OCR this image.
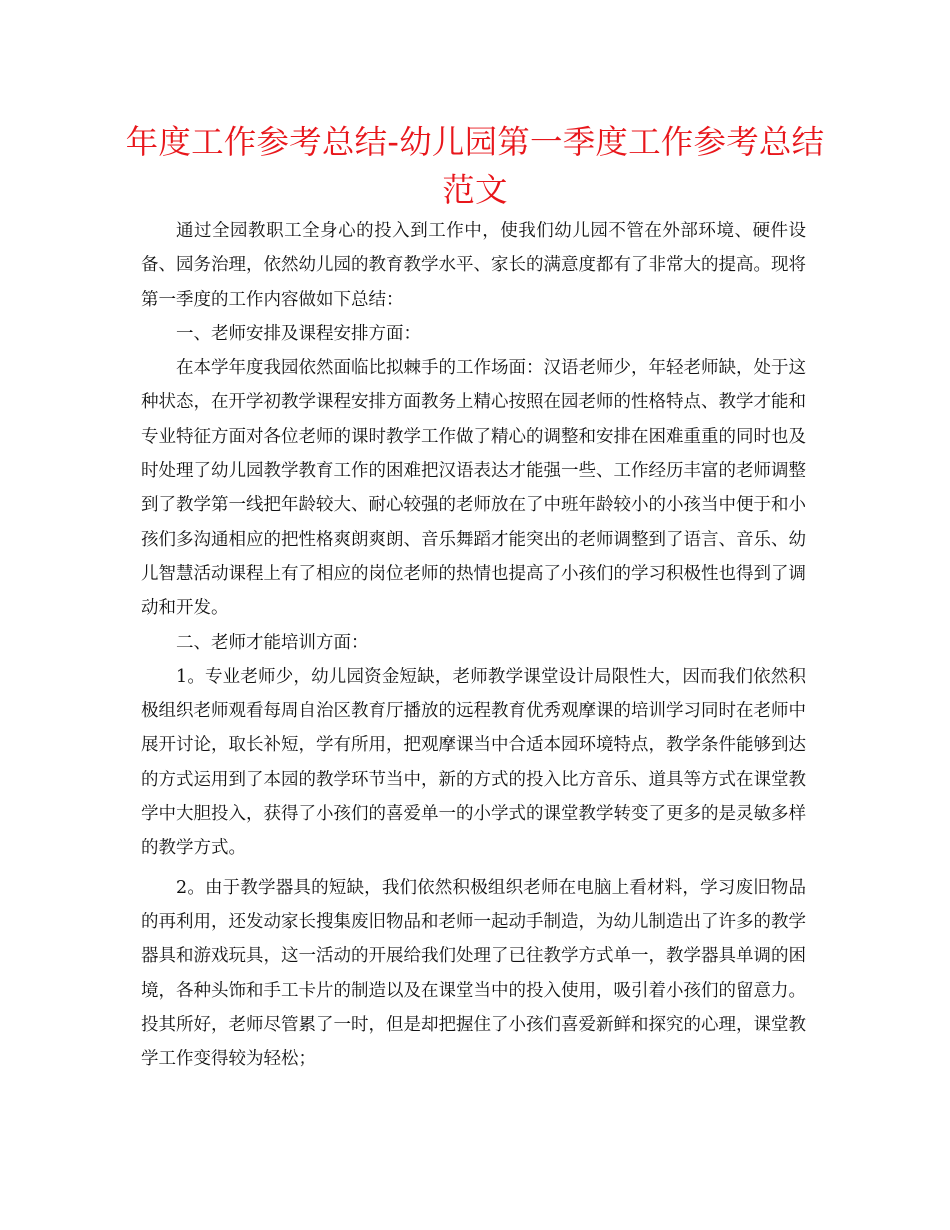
年度工作参考总结-幼儿园第一季度工作参考总结
范文

通过全园教职工全身心的投入到工作中，使我们幼儿园不管在外部环境、硬件设备、园务治理，依然幼儿园的教育教学水平、家长的满意度都有了非常大的提高。现将第一季度的工作内容做如下总结：

一、老师安排及课程安排方面：

在本学年度我园依然面临比拟棘手的工作场面：汉语老师少，年轻老师缺，处于这种状态，在开学初教学课程安排方面教务上精心按照在园老师的性格特点、教学才能和专业特征方面对各位老师的课时教学工作做了精心的调整和安排在困难重重的同时也及时处理了幼儿园教学教育工作的困难把汉语表达才能强一些、工作经历丰富的老师调整到了教学第一线把年龄较大、耐心较强的老师放在了中班年龄较小的小孩当中便于和小孩们多沟通相应的把性格爽朗爽朗、音乐舞蹈才能突出的老师调整到了语言、音乐、幼儿智慧活动课程上有了相应的岗位老师的热情也提高了小孩们的学习积极性也得到了调动和开发。

二、老师才能培训方面：

1。专业老师少，幼儿园资金短缺，老师教学课堂设计局限性大，因而我们依然积极组织老师观看每周自治区教育厅播放的远程教育优秀观摩课的培训学习同时在老师中展开讨论，取长补短，学有所用，把观摩课当中合适本园环境特点，教学条件能够到达的方式运用到了本园的教学环节当中，新的方式的投入比方音乐、道具等方式在课堂教学中大胆投入，获得了小孩们的喜爱单一的小学式的课堂教学转变了更多的是灵敏多样的教学方式。

2。由于教学器具的短缺，我们依然积极组织老师在电脑上看材料，学习废旧物品的再利用，还发动家长搜集废旧物品和老师一起动手制造，为幼儿制造出了许多的教学器具和游戏玩具，这一活动的开展给我们处理了已往教学方式单一，教学器具单调的困境，各种头饰和手工卡片的制造以及在课堂当中的投入使用，吸引着小孩们的留意力。投其所好，老师尽管累了一时，但是却把握住了小孩们喜爱新鲜和探究的心理，课堂教学工作变得较为轻松；
